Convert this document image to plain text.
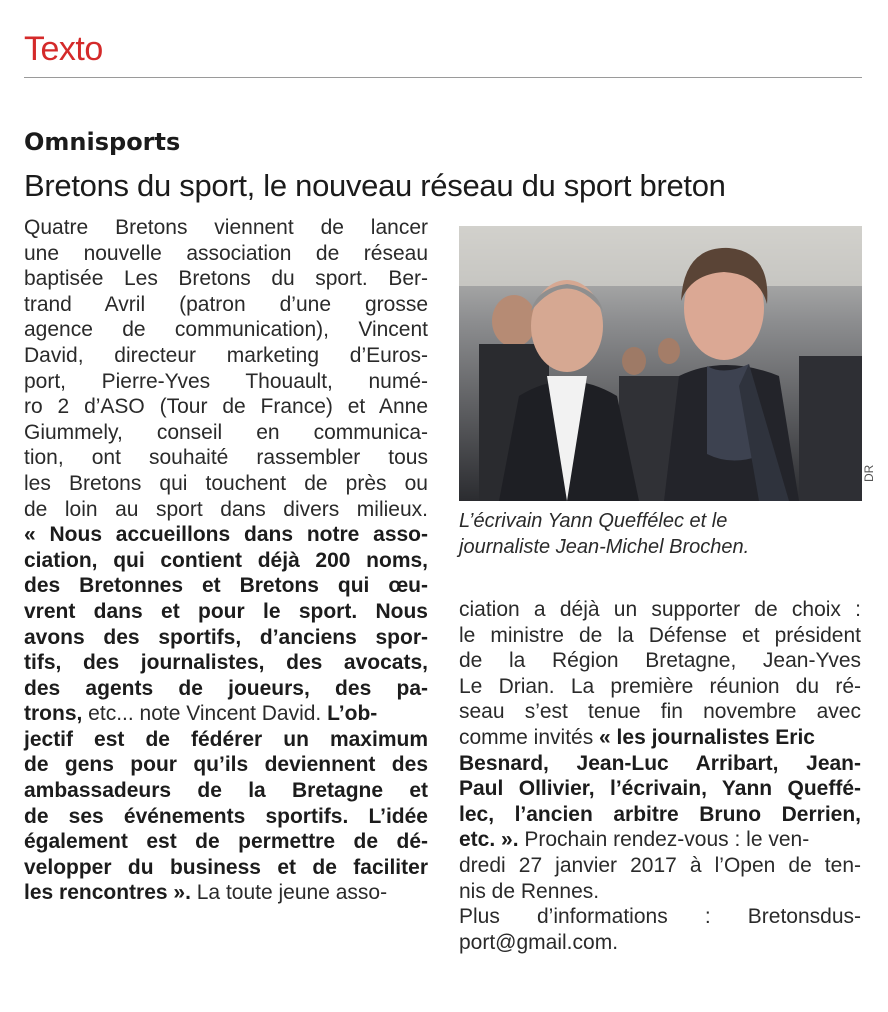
Texto
Omnisports
Bretons du sport, le nouveau réseau du sport breton
Quatre Bretons viennent de lancer
une nouvelle association de réseau
baptisée Les Bretons du sport. Ber-
trand Avril (patron d’une grosse
agence de communication), Vincent
David, directeur marketing d’Euros-
port, Pierre-Yves Thouault, numé-
ro 2 d’ASO (Tour de France) et Anne
Giummely, conseil en communica-
tion, ont souhaité rassembler tous
les Bretons qui touchent de près ou
de loin au sport dans divers milieux.
« Nous accueillons dans notre asso-
ciation, qui contient déjà 200 noms,
des Bretonnes et Bretons qui œu-
vrent dans et pour le sport. Nous
avons des sportifs, d’anciens spor-
tifs, des journalistes, des avocats,
des agents de joueurs, des pa-
trons, etc... note Vincent David. L’ob-
jectif est de fédérer un maximum
de gens pour qu’ils deviennent des
ambassadeurs de la Bretagne et
de ses événements sportifs. L’idée
également est de permettre de dé-
velopper du business et de faciliter
les rencontres ». La toute jeune asso-
DR
L’écrivain Yann Queffélec et le
journaliste Jean-Michel Brochen.
ciation a déjà un supporter de choix :
le ministre de la Défense et président
de la Région Bretagne, Jean-Yves
Le Drian. La première réunion du ré-
seau s’est tenue fin novembre avec
comme invités « les journalistes Eric
Besnard, Jean-Luc Arribart, Jean-
Paul Ollivier, l’écrivain, Yann Queffé-
lec, l’ancien arbitre Bruno Derrien,
etc. ». Prochain rendez-vous : le ven-
dredi 27 janvier 2017 à l’Open de ten-
nis de Rennes.
Plus d’informations : Bretonsdus-
port@gmail.com.
